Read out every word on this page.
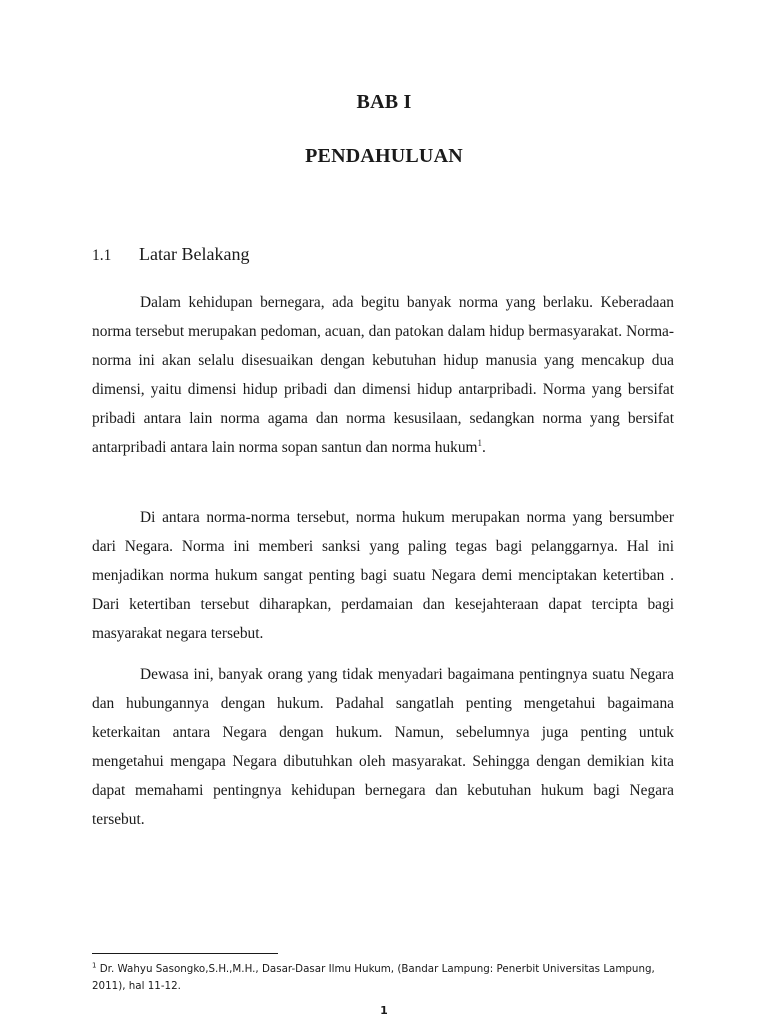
BAB I
PENDAHULUAN
1.1 Latar Belakang

Dalam kehidupan bernegara, ada begitu banyak norma yang berlaku. Keberadaan norma tersebut merupakan pedoman, acuan, dan patokan dalam hidup bermasyarakat. Norma-norma ini akan selalu disesuaikan dengan kebutuhan hidup manusia yang mencakup dua dimensi, yaitu dimensi hidup pribadi dan dimensi hidup antarpribadi. Norma yang bersifat pribadi antara lain norma agama dan norma kesusilaan, sedangkan norma yang bersifat antarpribadi antara lain norma sopan santun dan norma hukum$^1$.

Di antara norma-norma tersebut, norma hukum merupakan norma yang bersumber dari Negara. Norma ini memberi sanksi yang paling tegas bagi pelanggarnya. Hal ini menjadikan norma hukum sangat penting bagi suatu Negara demi menciptakan ketertiban . Dari ketertiban tersebut diharapkan, perdamaian dan kesejahteraan dapat tercipta bagi masyarakat negara tersebut.

Dewasa ini, banyak orang yang tidak menyadari bagaimana pentingnya suatu Negara dan hubungannya dengan hukum. Padahal sangatlah penting mengetahui bagaimana keterkaitan antara Negara dengan hukum. Namun, sebelumnya juga penting untuk mengetahui mengapa Negara dibutuhkan oleh masyarakat. Sehingga dengan demikian kita dapat memahami pentingnya kehidupan bernegara dan kebutuhan hukum bagi Negara tersebut.

$^1$ Dr. Wahyu Sasongko,S.H.,M.H., Dasar-Dasar Ilmu Hukum, (Bandar Lampung: Penerbit Universitas Lampung, 2011), hal 11-12.
1
